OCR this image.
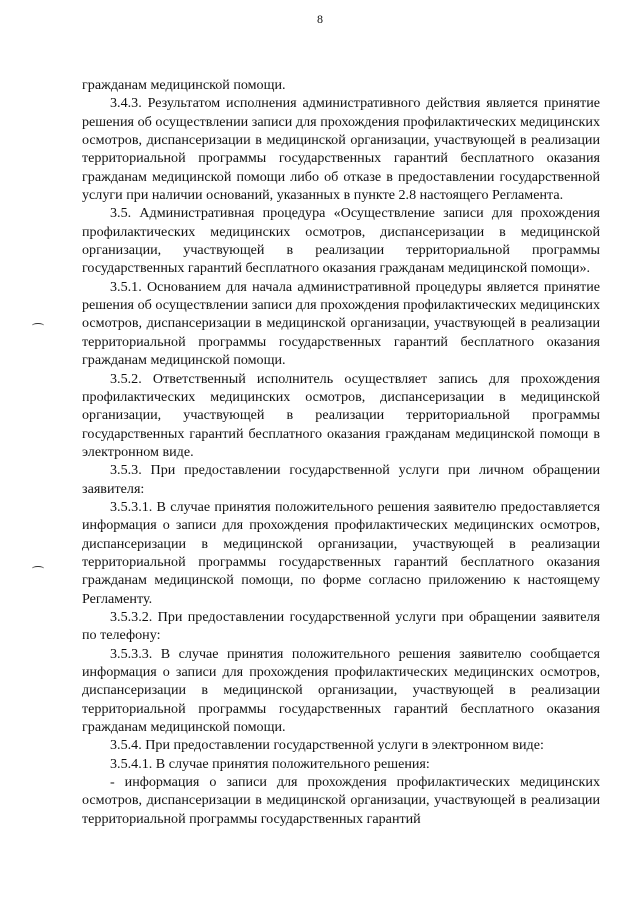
8

гражданам медицинской помощи.

3.4.3. Результатом исполнения административного действия является принятие решения об осуществлении записи для прохождения профилактических медицинских осмотров, диспансеризации в медицинской организации, участвующей в реализации территориальной программы государственных гарантий бесплатного оказания гражданам медицинской помощи либо об отказе в предоставлении государственной услуги при наличии оснований, указанных в пункте 2.8 настоящего Регламента.

3.5. Административная процедура «Осуществление записи для прохождения профилактических медицинских осмотров, диспансеризации в медицинской организации, участвующей в реализации территориальной программы государственных гарантий бесплатного оказания гражданам медицинской помощи».

3.5.1. Основанием для начала административной процедуры является принятие решения об осуществлении записи для прохождения профилактических медицинских осмотров, диспансеризации в медицинской организации, участвующей в реализации территориальной программы государственных гарантий бесплатного оказания гражданам медицинской помощи.

3.5.2. Ответственный исполнитель осуществляет запись для прохождения профилактических медицинских осмотров, диспансеризации в медицинской организации, участвующей в реализации территориальной программы государственных гарантий бесплатного оказания гражданам медицинской помощи в электронном виде.

3.5.3. При предоставлении государственной услуги при личном обращении заявителя:

3.5.3.1. В случае принятия положительного решения заявителю предоставляется информация о записи для прохождения профилактических медицинских осмотров, диспансеризации в медицинской организации, участвующей в реализации территориальной программы государственных гарантий бесплатного оказания гражданам медицинской помощи, по форме согласно приложению к настоящему Регламенту.

3.5.3.2. При предоставлении государственной услуги при обращении заявителя по телефону:

3.5.3.3. В случае принятия положительного решения заявителю сообщается информация о записи для прохождения профилактических медицинских осмотров, диспансеризации в медицинской организации, участвующей в реализации территориальной программы государственных гарантий бесплатного оказания гражданам медицинской помощи.

3.5.4. При предоставлении государственной услуги в электронном виде:

3.5.4.1. В случае принятия положительного решения:

- информация о записи для прохождения профилактических медицинских осмотров, диспансеризации в медицинской организации, участвующей в реализации территориальной программы государственных гарантий
